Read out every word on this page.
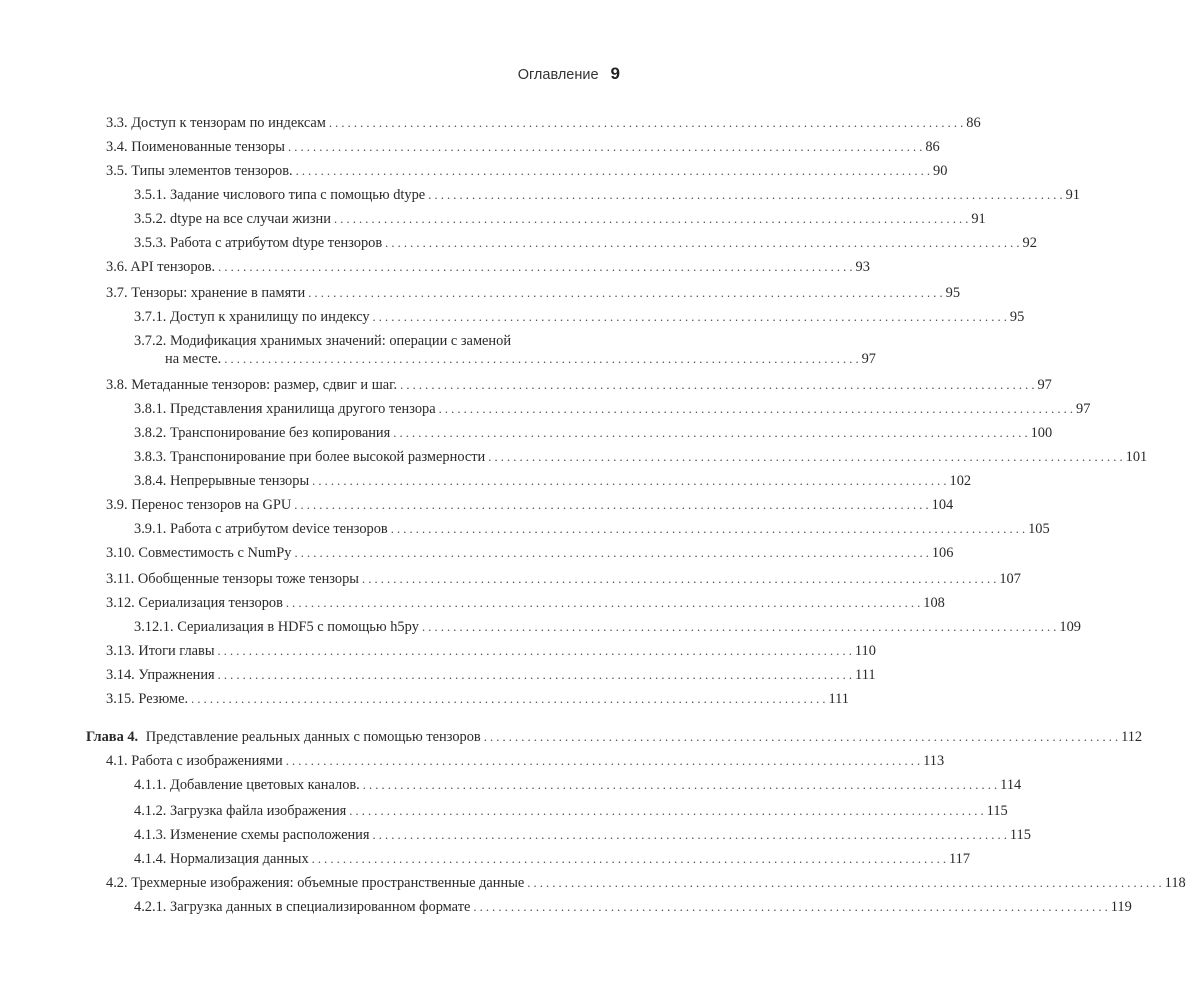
Оглавление 9
3.3. Доступ к тензорам по индексам . . .	86
3.4. Поименованные тензоры . . .	86
3.5. Типы элементов тензоров. . . .	90
3.5.1. Задание числового типа с помощью dtype . . .	91
3.5.2. dtype на все случаи жизни . . .	91
3.5.3. Работа с атрибутом dtype тензоров . . .	92
3.6. API тензоров. . . .	93
3.7. Тензоры: хранение в памяти . . .	95
3.7.1. Доступ к хранилищу по индексу . . .	95
3.7.2. Модификация хранимых значений: операции с заменой
на месте. . . .	97
3.8. Метаданные тензоров: размер, сдвиг и шаг. . . .	97
3.8.1. Представления хранилища другого тензора . . .	97
3.8.2. Транспонирование без копирования . . .	100
3.8.3. Транспонирование при более высокой размерности . . .	101
3.8.4. Непрерывные тензоры . . .	102
3.9. Перенос тензоров на GPU . . .	104
3.9.1. Работа с атрибутом device тензоров . . .	105
3.10. Совместимость с NumPy . . .	106
3.11. Обобщенные тензоры тоже тензоры . . .	107
3.12. Сериализация тензоров . . .	108
3.12.1. Сериализация в HDF5 с помощью h5py . . .	109
3.13. Итоги главы . . .	110
3.14. Упражнения . . .	111
3.15. Резюме. . . .	111
Глава 4. Представление реальных данных с помощью тензоров . . .	112
4.1. Работа с изображениями . . .	113
4.1.1. Добавление цветовых каналов. . . .	114
4.1.2. Загрузка файла изображения . . .	115
4.1.3. Изменение схемы расположения . . .	115
4.1.4. Нормализация данных . . .	117
4.2. Трехмерные изображения: объемные пространственные данные . . .	118
4.2.1. Загрузка данных в специализированном формате . . .	119
